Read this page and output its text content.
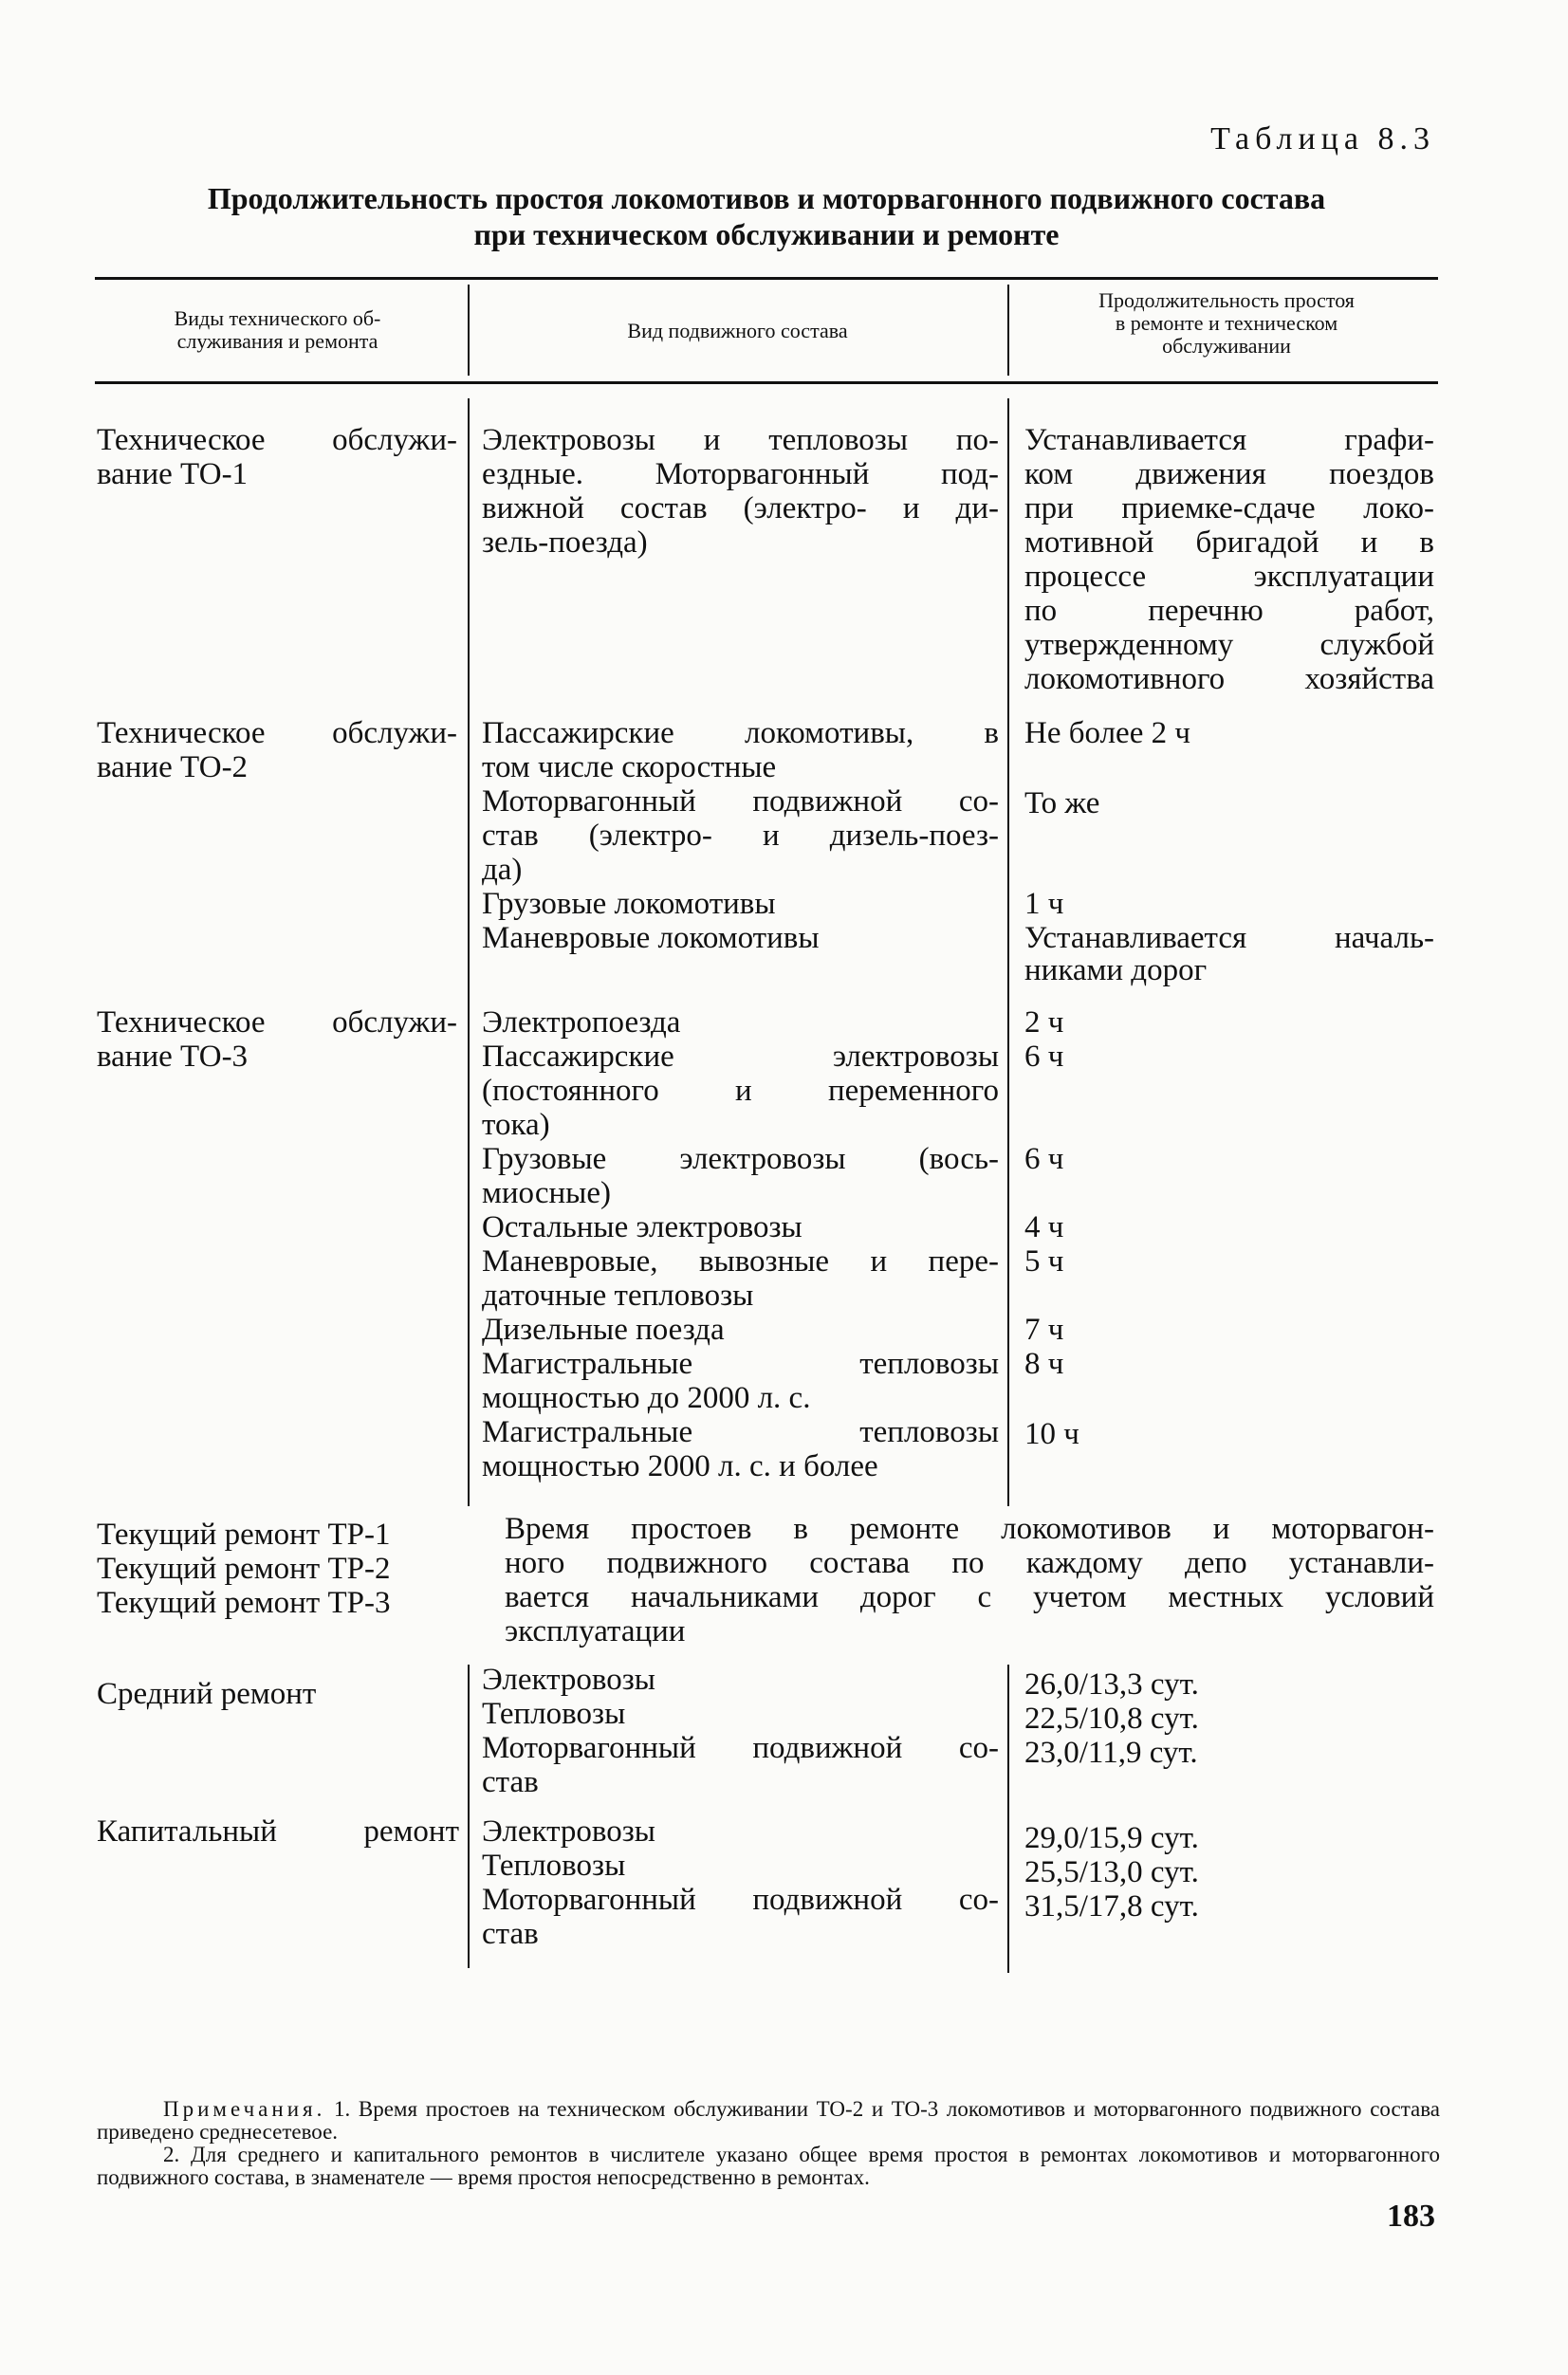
Таблица 8.3
Продолжительность простоя локомотивов и моторвагонного подвижного состава
при техническом обслуживании и ремонте
Виды технического об-
служивания и ремонта	Вид подвижного состава
Продолжительность простоя
в ремонте и техническом
обслуживании
Техническое обслужи-
вание ТО-1
Электровозы и тепловозы по-
ездные. Моторвагонный под-
вижной состав (электро- и ди-
зель-поезда)
Устанавливается графи-
ком движения поездов
при приемке-сдаче локо-
мотивной бригадой и в
процессе эксплуатации
по перечню работ,
утвержденному службой
локомотивного хозяйства
Техническое обслужи-
вание ТО-2
Пассажирские локомотивы, в
том числе скоростные
Моторвагонный подвижной со-
став (электро- и дизель-поез-
да)
Грузовые локомотивы
Маневровые локомотивы
Не более 2 ч
То же
1 ч
Устанавливается началь-
никами дорог
Техническое обслужи-
вание ТО-3
Электропоезда
Пассажирские электровозы
(постоянного и переменного
тока)
Грузовые электровозы (вось-
миосные)
Остальные электровозы
Маневровые, вывозные и пере-
даточные тепловозы
Дизельные поезда
Магистральные тепловозы
мощностью до 2000 л. с.
Магистральные тепловозы
мощностью 2000 л. с. и более
2 ч
6 ч
6 ч
4 ч
5 ч
7 ч
8 ч
10 ч
Текущий ремонт ТР-1
Текущий ремонт ТР-2
Текущий ремонт ТР-3
Время простоев в ремонте локомотивов и моторвагон-
ного подвижного состава по каждому депо устанавли-
вается начальниками дорог с учетом местных условий
эксплуатации
Средний ремонт	Электровозы
Тепловозы
Моторвагонный подвижной со-
став
26,0/13,3 сут.
22,5/10,8 сут.
23,0/11,9 сут.
Капитальный ремонт Электровозы
Тепловозы
Моторвагонный подвижной со-
став
29,0/15,9 сут.
25,5/13,0 сут.
31,5/17,8 сут.

Примечания. 1. Время простоев на техническом обслуживании ТО-2 и ТО-3 локомотивов и моторвагонного подвижного состава приведено среднесетевое.

2. Для среднего и капитального ремонтов в числителе указано общее время простоя в ремонтах локомотивов и моторвагонного подвижного состава, в знаменателе — время простоя непосредственно в ремонтах.

183
